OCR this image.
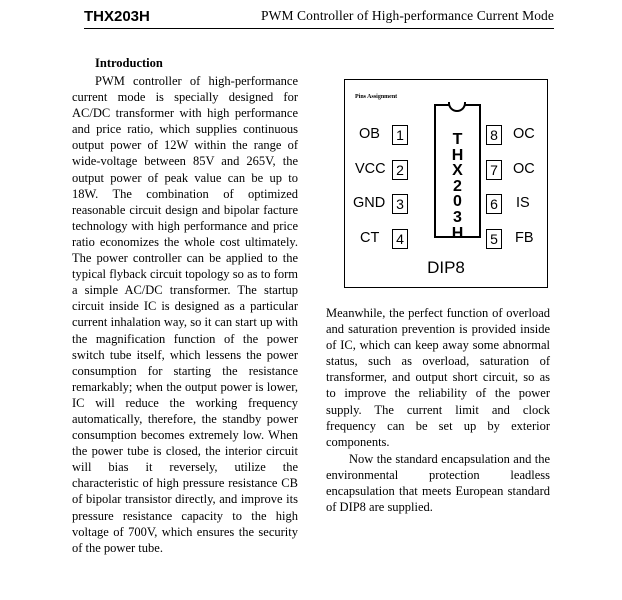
THX203H	PWM Controller of High-performance Current Mode
Introduction

PWM controller of high-performance current mode is specially designed for AC/DC transformer with high performance and price ratio, which supplies continuous output power of 12W within the range of wide-voltage between 85V and 265V, the output power of peak value can be up to 18W. The combination of optimized reasonable circuit design and bipolar facture technology with high performance and price ratio economizes the whole cost ultimately. The power controller can be applied to the typical flyback circuit topology so as to form a simple AC/DC transformer. The startup circuit inside IC is designed as a particular current inhalation way, so it can start up with the magnification function of the power switch tube itself, which lessens the power consumption for starting the resistance remarkably; when the output power is lower, IC will reduce the working frequency automatically, therefore, the standby power consumption becomes extremely low. When the power tube is closed, the interior circuit will bias it reversely, utilize the characteristic of high pressure resistance CB of bipolar transistor directly, and improve its pressure resistance capacity to the high voltage of 700V, which ensures the security of the power tube.

Pins Assignment
T
H
X
2
0
3
H
OB 1
VCC 2
GND 3
CT 4
8 OC
7 OC
6 IS
5 FB
DIP8

Meanwhile, the perfect function of overload and saturation prevention is provided inside of IC, which can keep away some abnormal status, such as overload, saturation of transformer, and output short circuit, so as to improve the reliability of the power supply. The current limit and clock frequency can be set up by exterior components.

Now the standard encapsulation and the environmental protection leadless encapsulation that meets European standard of DIP8 are supplied.
